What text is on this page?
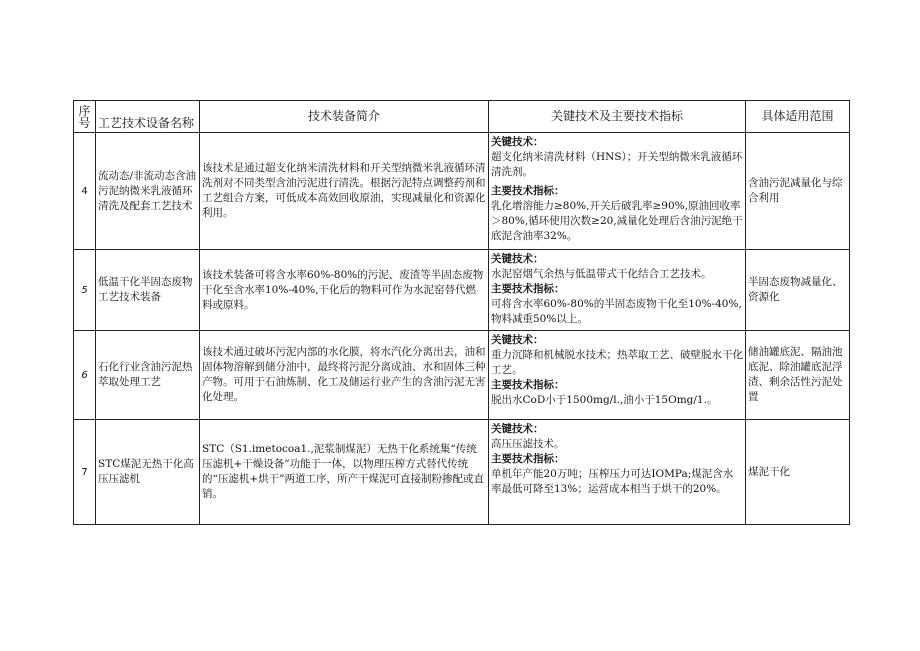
序号	工艺技术设备名称	技术装备简介	关键技术及主要技术指标	具体适用范围
4	流动态/非流动态含油污泥纳微米乳液循环清洗及配套工艺技术	该技术是通过超支化纳米清洗材料和开关型纳微米乳液循环清洗剂对不同类型含油污泥进行清洗。根据污泥特点调整药剂和工艺组合方案，可低成本高效回收原油，实现减量化和资源化利用。	关键技术：
超支化纳米清洗材料（HNS）；开关型纳微米乳液循环清洗剂。
主要技术指标：
乳化增溶能力≥80%,开关后破乳率≥90%,原油回收率＞80%,循环使用次数≥20,减量化处理后含油污泥绝干底泥含油率32%。	含油污泥减量化与综合利用
5	低温干化半固态废物工艺技术装备	该技术装备可将含水率60%-80%的污泥、废渣等半固态废物干化至含水率10%-40%,干化后的物料可作为水泥窑替代燃料或原料。	关键技术：
水泥窑烟气余热与低温带式干化结合工艺技术。
主要技术指标：
可将含水率60%-80%的半固态废物干化至10%-40%,物料减重50%以上。	半固态废物减量化、资源化
6	石化行业含油污泥热萃取处理工艺	该技术通过破坏污泥内部的水化膜，将水汽化分离出去，油和固体物溶解到储分油中，最终将污泥分离成油、水和固体三种产物。可用于石油炼制、化工及储运行业产生的含油污泥无害化处理。	关键技术：
重力沉降和机械脱水技术；热萃取工艺、破壁脱水干化工艺。
主要技术指标：
脱出水CoD小于1500mg/l.,油小于15Omg/1.。	储油罐底泥、隔油池底泥、除油罐底泥浮渣、剩余活性污泥处置
7	STC煤泥无热干化高压压滤机	STC（S1.imetocoa1.,泥浆制煤泥）无热干化系统集“传统压滤机+干燥设备”功能于一体，以物理压榨方式替代传统的“压滤机+烘干”两道工序，所产干煤泥可直接制粉掺配或直销。	关键技术：
高压压滤技术。
主要技术指标：
单机年产能20万吨；压榨压力可达IOMPa;煤泥含水率最低可降至13%；运营成本相当于烘干的20%。	煤泥干化
